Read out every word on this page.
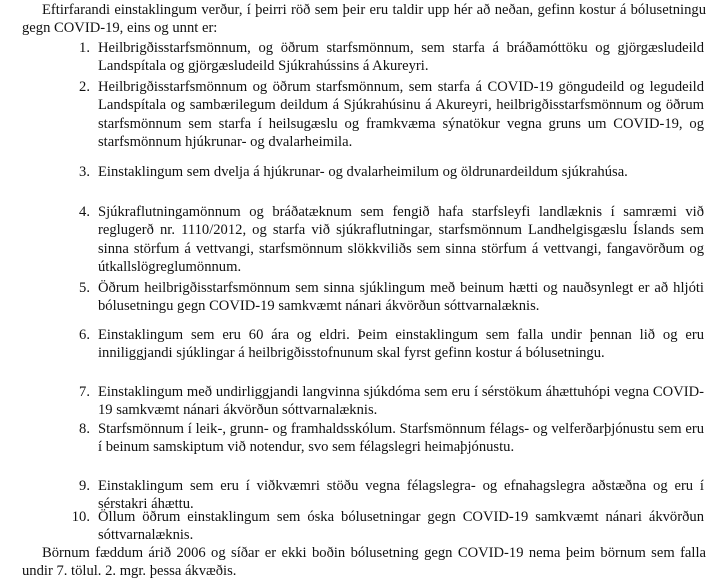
Eftirfarandi einstaklingum verður, í þeirri röð sem þeir eru taldir upp hér að neðan, gefinn kostur á bólusetningu gegn COVID-19, eins og unnt er:

1. Heilbrigðisstarfsmönnum, og öðrum starfsmönnum, sem starfa á bráðamóttöku og gjörgæsludeild Landspítala og gjörgæsludeild Sjúkrahússins á Akureyri.
2. Heilbrigðisstarfsmönnum og öðrum starfsmönnum, sem starfa á COVID-19 göngudeild og legudeild Landspítala og sambærilegum deildum á Sjúkrahúsinu á Akureyri, heilbrigðisstarfsmönnum og öðrum starfsmönnum sem starfa í heilsugæslu og framkvæma sýnatökur vegna gruns um COVID-19, og starfsmönnum hjúkrunar- og dvalarheimila.
3. Einstaklingum sem dvelja á hjúkrunar- og dvalarheimilum og öldrunardeildum sjúkrahúsa.
4. Sjúkraflutningamönnum og bráðatæknum sem fengið hafa starfsleyfi landlæknis í samræmi við reglugerð nr. 1110/2012, og starfa við sjúkraflutningar, starfsmönnum Landhelgisgæslu Íslands sem sinna störfum á vettvangi, starfsmönnum slökkviliðs sem sinna störfum á vettvangi, fangavörðum og útkallslögreglumönnum.
5. Öðrum heilbrigðisstarfsmönnum sem sinna sjúklingum með beinum hætti og nauðsynlegt er að hljóti bólusetningu gegn COVID-19 samkvæmt nánari ákvörðun sóttvarnalæknis.
6. Einstaklingum sem eru 60 ára og eldri. Þeim einstaklingum sem falla undir þennan lið og eru inniliggjandi sjúklingar á heilbrigðisstofnunum skal fyrst gefinn kostur á bólusetningu.
7. Einstaklingum með undirliggjandi langvinna sjúkdóma sem eru í sérstökum áhættuhópi vegna COVID-19 samkvæmt nánari ákvörðun sóttvarnalæknis.
8. Starfsmönnum í leik-, grunn- og framhaldsskólum. Starfsmönnum félags- og velferðarþjónustu sem eru í beinum samskiptum við notendur, svo sem félagslegri heimaþjónustu.
9. Einstaklingum sem eru í viðkvæmri stöðu vegna félagslegra- og efnahagslegra aðstæðna og eru í sérstakri áhættu.
10. Öllum öðrum einstaklingum sem óska bólusetningar gegn COVID-19 samkvæmt nánari ákvörðun sóttvarnalæknis.

Börnum fæddum árið 2006 og síðar er ekki boðin bólusetning gegn COVID-19 nema þeim börnum sem falla undir 7. tölul. 2. mgr. þessa ákvæðis.
